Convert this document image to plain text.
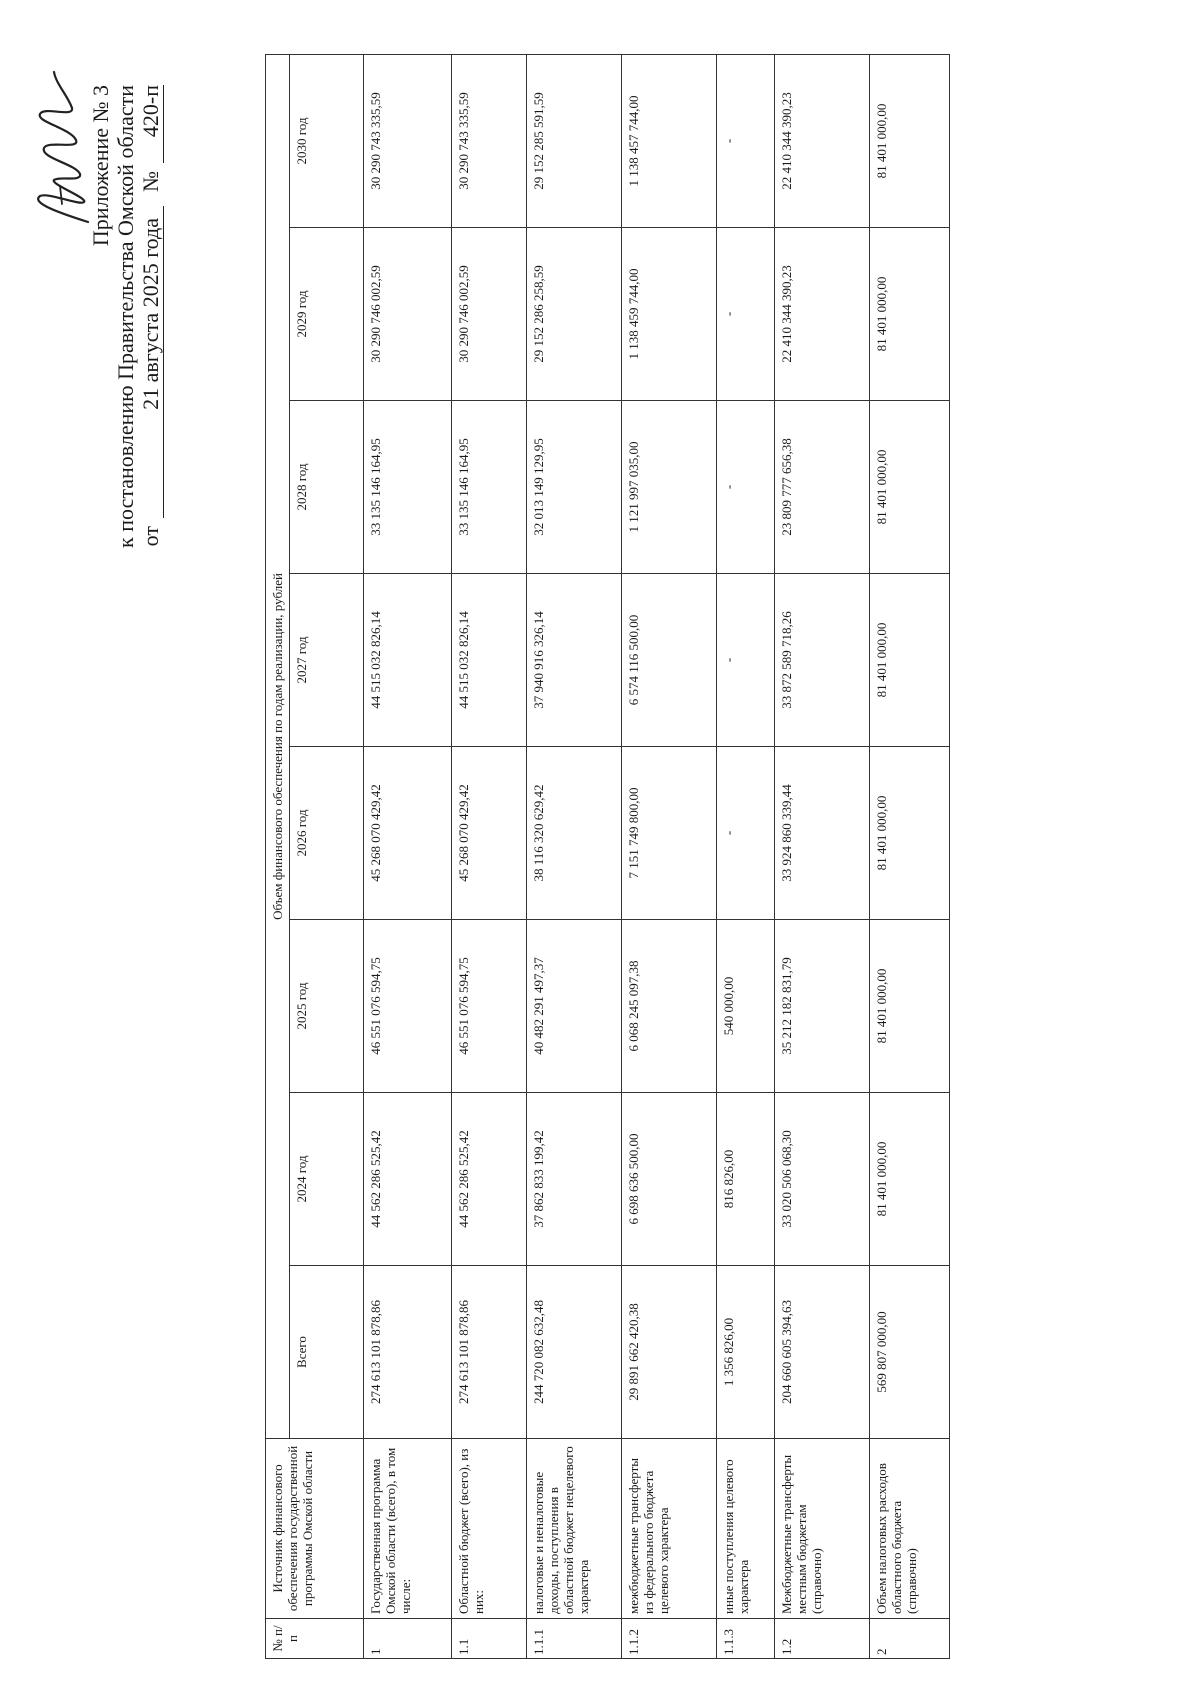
Приложение № 3 к постановлению Правительства Омской области от
21 августа 2025 года
№
420-п
№ п/п	Источник финансового обеспечения государственной программы Омской области	Объем финансового обеспечения по годам реализации, рублей							
		Всего	2024 год	2025 год	2026 год	2027 год	2028 год	2029 год	2030 год
1	Государственная программа Омской области (всего), в том числе:	274 613 101 878,86	44 562 286 525,42	46 551 076 594,75	45 268 070 429,42	44 515 032 826,14	33 135 146 164,95	30 290 746 002,59	30 290 743 335,59
1.1	Областной бюджет (всего), из них:	274 613 101 878,86	44 562 286 525,42	46 551 076 594,75	45 268 070 429,42	44 515 032 826,14	33 135 146 164,95	30 290 746 002,59	30 290 743 335,59
1.1.1	налоговые и неналоговые доходы, поступления в областной бюджет нецелевого характера	244 720 082 632,48	37 862 833 199,42	40 482 291 497,37	38 116 320 629,42	37 940 916 326,14	32 013 149 129,95	29 152 286 258,59	29 152 285 591,59
1.1.2	межбюджетные трансферты из федерального бюджета целевого характера	29 891 662 420,38	6 698 636 500,00	6 068 245 097,38	7 151 749 800,00	6 574 116 500,00	1 121 997 035,00	1 138 459 744,00	1 138 457 744,00
1.1.3	иные поступления целевого характера	1 356 826,00	816 826,00	540 000,00	-	-	-	-	-
1.2	Межбюджетные трансферты местным бюджетам (справочно)	204 660 605 394,63	33 020 506 068,30	35 212 182 831,79	33 924 860 339,44	33 872 589 718,26	23 809 777 656,38	22 410 344 390,23	22 410 344 390,23
2	Объем налоговых расходов областного бюджета (справочно)	569 807 000,00	81 401 000,00	81 401 000,00	81 401 000,00	81 401 000,00	81 401 000,00	81 401 000,00	81 401 000,00
